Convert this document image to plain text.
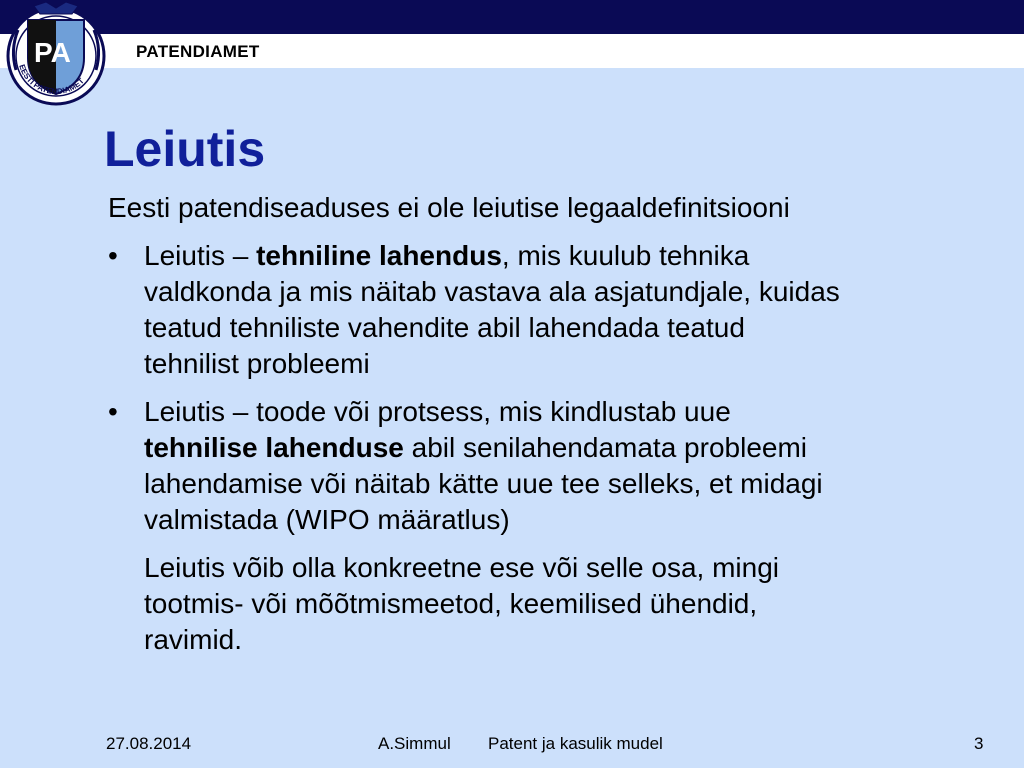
PA
EESTI PATENDIAMET
PATENDIAMET
Leiutis

Eesti patendiseaduses ei ole leiutise legaaldefinitsiooni

• Leiutis – tehniline lahendus, mis kuulub tehnika
valdkonda ja mis näitab vastava ala asjatundjale, kuidas
teatud tehniliste vahendite abil lahendada teatud
tehnilist probleemi
• Leiutis – toode või protsess, mis kindlustab uue
tehnilise lahenduse abil senilahendamata probleemi
lahendamise või näitab kätte uue tee selleks, et midagi
valmistada (WIPO määratlus)
Leiutis võib olla konkreetne ese või selle osa, mingi
tootmis- või mõõtmismeetod, keemilised ühendid,
ravimid.
27.08.2014	A.Simmul Patent ja kasulik mudel	3
